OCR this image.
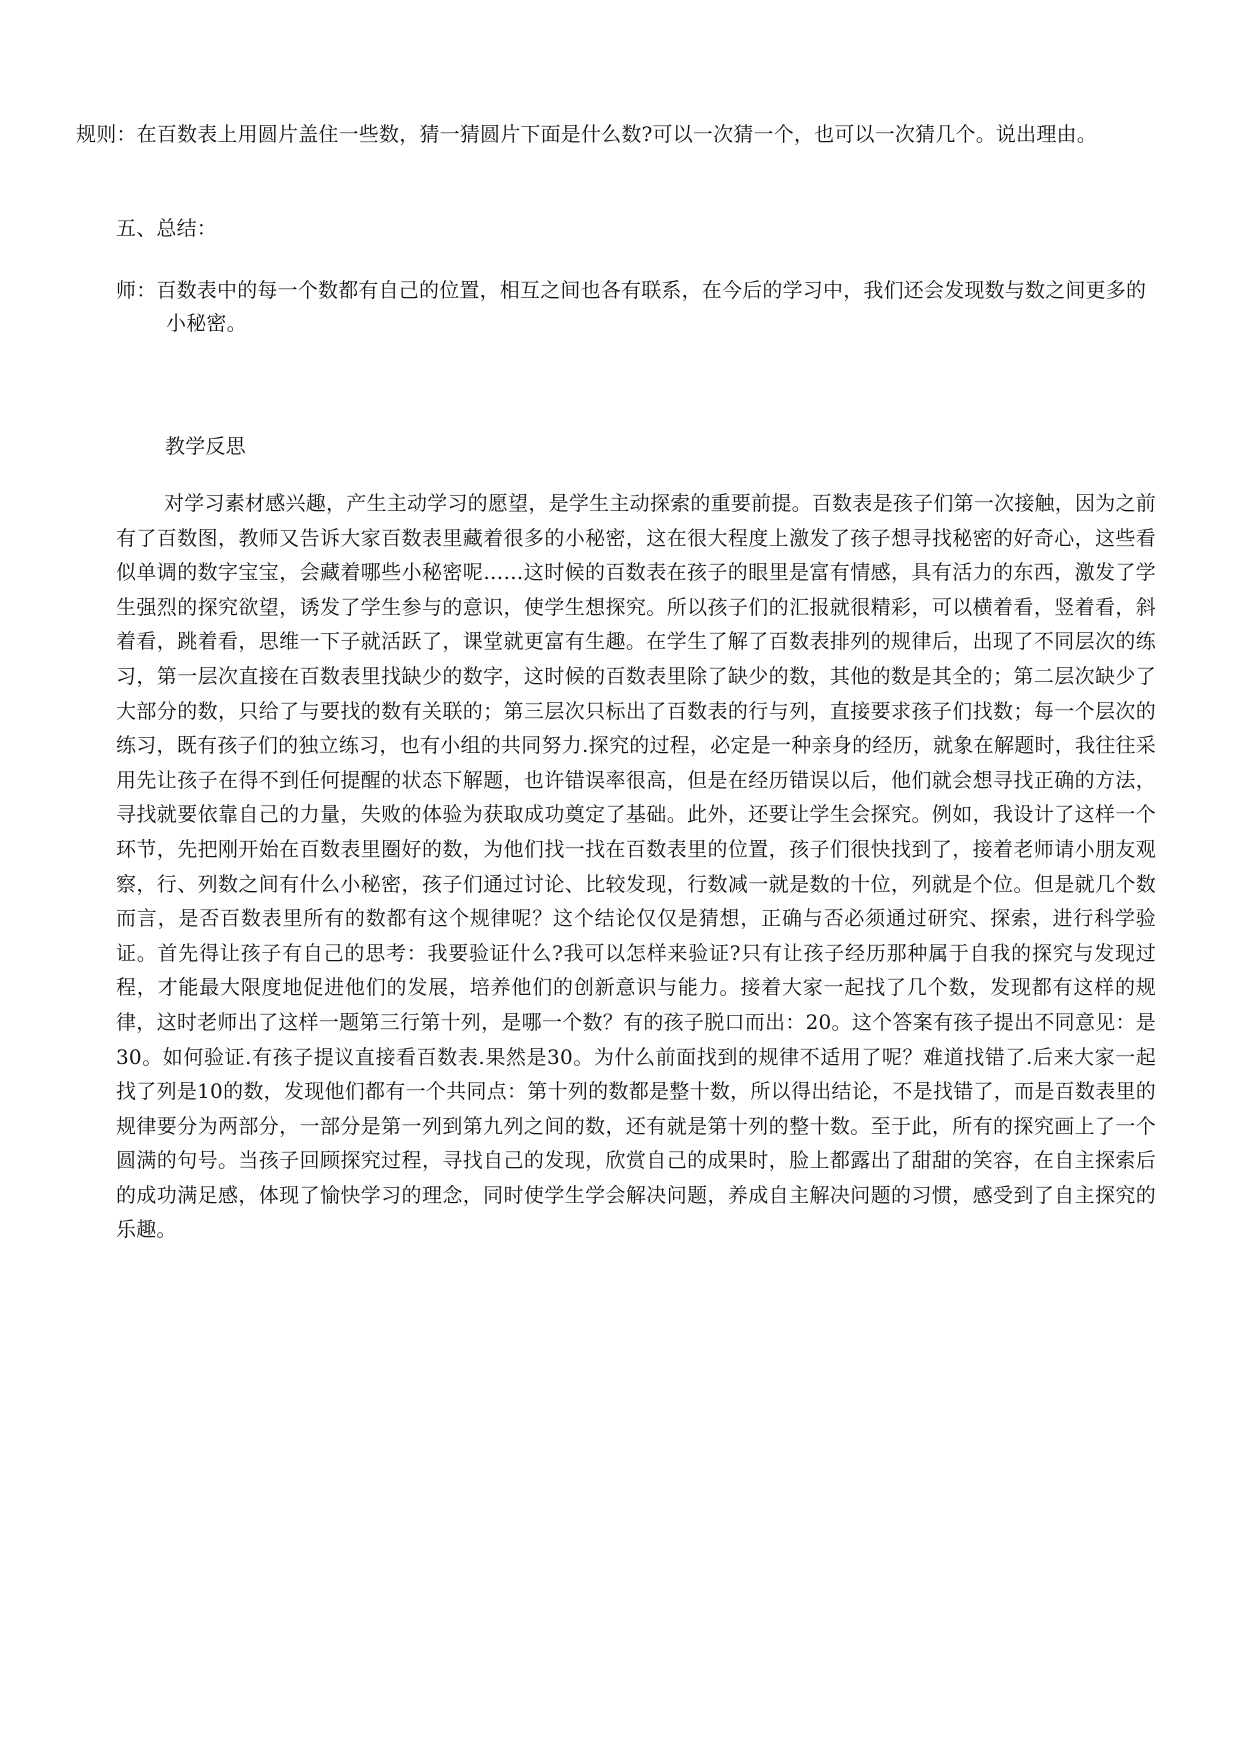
规则：在百数表上用圆片盖住一些数，猜一猜圆片下面是什么数?可以一次猜一个，也可以一次猜几个。说出理由。

五、总结：

师：百数表中的每一个数都有自己的位置，相互之间也各有联系，在今后的学习中，我们还会发现数与数之间更多的小秘密。

教学反思

对学习素材感兴趣，产生主动学习的愿望，是学生主动探索的重要前提。百数表是孩子们第一次接触，因为之前有了百数图，教师又告诉大家百数表里藏着很多的小秘密，这在很大程度上激发了孩子想寻找秘密的好奇心，这些看似单调的数字宝宝，会藏着哪些小秘密呢……这时候的百数表在孩子的眼里是富有情感，具有活力的东西，激发了学生强烈的探究欲望，诱发了学生参与的意识，使学生想探究。所以孩子们的汇报就很精彩，可以横着看，竖着看，斜着看，跳着看，思维一下子就活跃了，课堂就更富有生趣。在学生了解了百数表排列的规律后，出现了不同层次的练习，第一层次直接在百数表里找缺少的数字，这时候的百数表里除了缺少的数，其他的数是其全的；第二层次缺少了大部分的数，只给了与要找的数有关联的；第三层次只标出了百数表的行与列，直接要求孩子们找数；每一个层次的练习，既有孩子们的独立练习，也有小组的共同努力.探究的过程，必定是一种亲身的经历，就象在解题时，我往往采用先让孩子在得不到任何提醒的状态下解题，也许错误率很高，但是在经历错误以后，他们就会想寻找正确的方法，寻找就要依靠自己的力量，失败的体验为获取成功奠定了基础。此外，还要让学生会探究。例如，我设计了这样一个环节，先把刚开始在百数表里圈好的数，为他们找一找在百数表里的位置，孩子们很快找到了，接着老师请小朋友观察，行、列数之间有什么小秘密，孩子们通过讨论、比较发现，行数减一就是数的十位，列就是个位。但是就几个数而言，是否百数表里所有的数都有这个规律呢？这个结论仅仅是猜想，正确与否必须通过研究、探索，进行科学验证。首先得让孩子有自己的思考：我要验证什么?我可以怎样来验证?只有让孩子经历那种属于自我的探究与发现过程，才能最大限度地促进他们的发展，培养他们的创新意识与能力。接着大家一起找了几个数，发现都有这样的规律，这时老师出了这样一题第三行第十列，是哪一个数？有的孩子脱口而出：20。这个答案有孩子提出不同意见：是30。如何验证.有孩子提议直接看百数表.果然是30。为什么前面找到的规律不适用了呢？难道找错了.后来大家一起找了列是10的数，发现他们都有一个共同点：第十列的数都是整十数，所以得出结论，不是找错了，而是百数表里的规律要分为两部分，一部分是第一列到第九列之间的数，还有就是第十列的整十数。至于此，所有的探究画上了一个圆满的句号。当孩子回顾探究过程，寻找自己的发现，欣赏自己的成果时，脸上都露出了甜甜的笑容，在自主探索后的成功满足感，体现了愉快学习的理念，同时使学生学会解决问题，养成自主解决问题的习惯，感受到了自主探究的乐趣。
